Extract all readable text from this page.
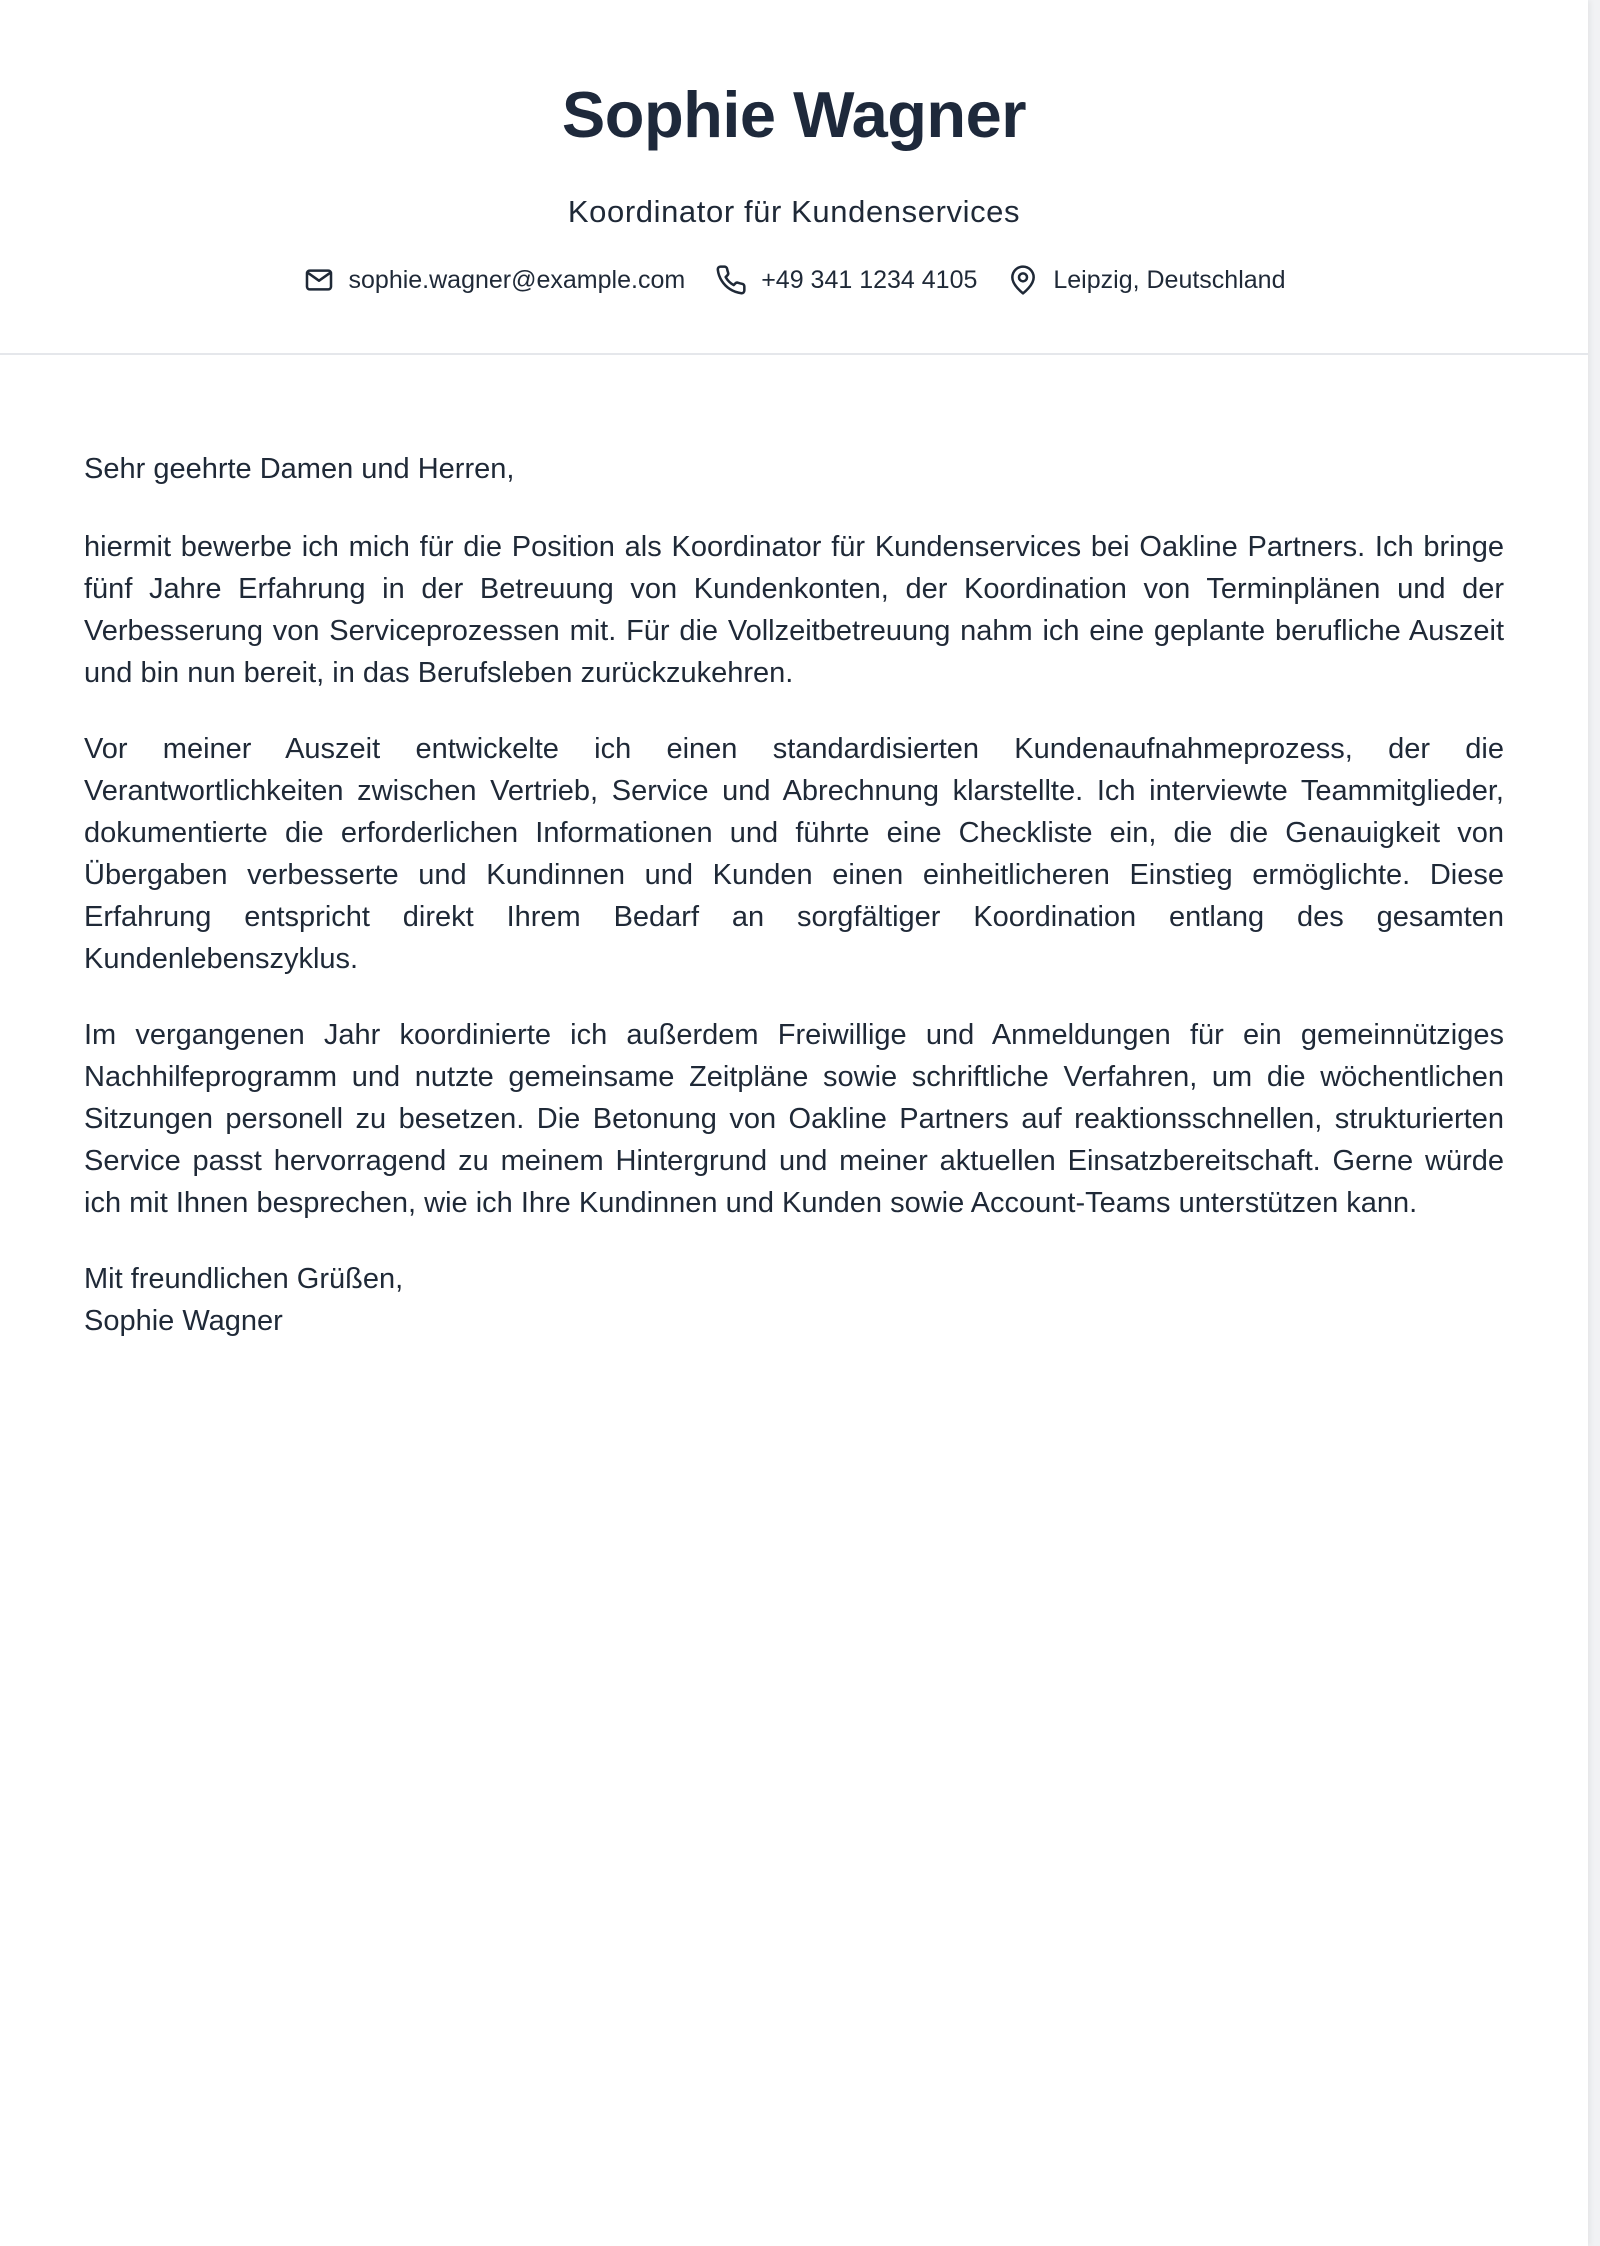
Sophie Wagner
Koordinator für Kundenservices
sophie.wagner@example.com	+49 341 1234 4105	Leipzig, Deutschland

Sehr geehrte Damen und Herren,

hiermit bewerbe ich mich für die Position als Koordinator für Kundenservices bei Oakline Partners. Ich bringe fünf Jahre Erfahrung in der Betreuung von Kundenkonten, der Koordination von Terminplänen und der Verbesserung von Serviceprozessen mit. Für die Vollzeitbetreuung nahm ich eine geplante berufliche Auszeit und bin nun bereit, in das Berufsleben zurückzukehren.

Vor meiner Auszeit entwickelte ich einen standardisierten Kundenaufnahmeprozess, der die Verantwortlichkeiten zwischen Vertrieb, Service und Abrechnung klarstellte. Ich interviewte Teammitglieder, dokumentierte die erforderlichen Informationen und führte eine Checkliste ein, die die Genauigkeit von Übergaben verbesserte und Kundinnen und Kunden einen einheitlicheren Einstieg ermöglichte. Diese Erfahrung entspricht direkt Ihrem Bedarf an sorgfältiger Koordination entlang des gesamten Kundenlebenszyklus.

Im vergangenen Jahr koordinierte ich außerdem Freiwillige und Anmeldungen für ein gemeinnütziges Nachhilfeprogramm und nutzte gemeinsame Zeitpläne sowie schriftliche Verfahren, um die wöchentlichen Sitzungen personell zu besetzen. Die Betonung von Oakline Partners auf reaktionsschnellen, strukturierten Service passt hervorragend zu meinem Hintergrund und meiner aktuellen Einsatzbereitschaft. Gerne würde ich mit Ihnen besprechen, wie ich Ihre Kundinnen und Kunden sowie Account-Teams unterstützen kann.

Mit freundlichen Grüßen,
Sophie Wagner
